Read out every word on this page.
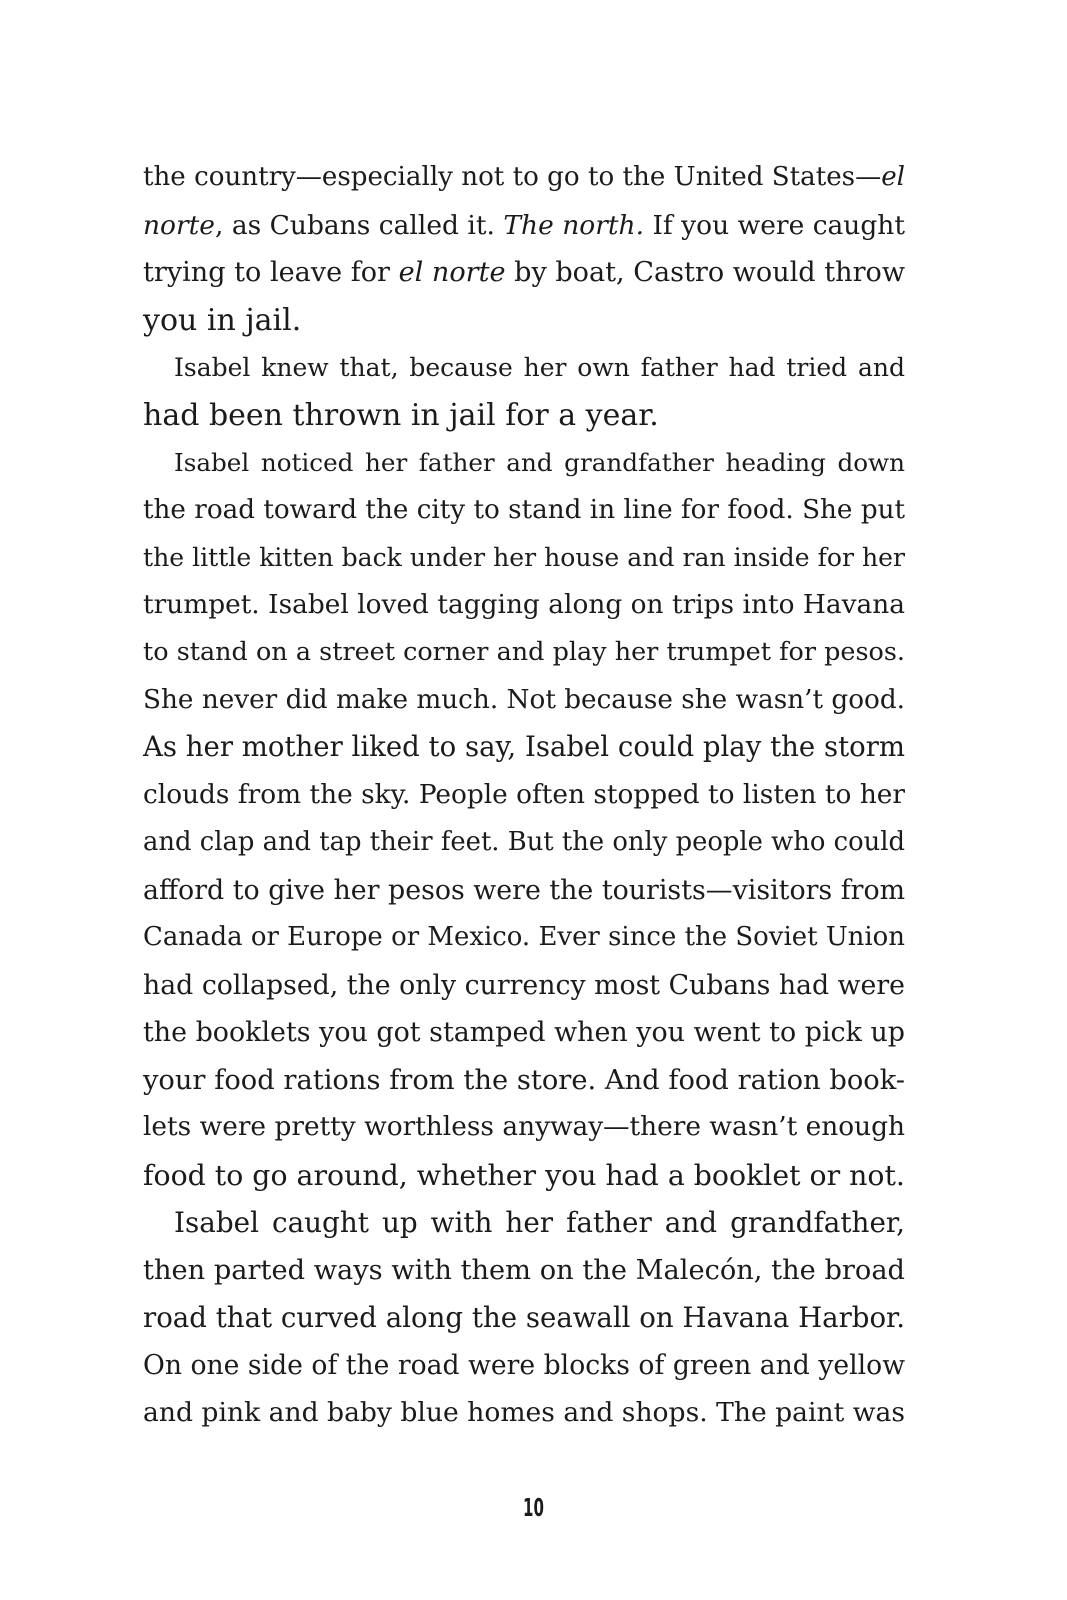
the country—especially not to go to the United States—el
norte, as Cubans called it. The north. If you were caught
trying to leave for el norte by boat, Castro would throw
you in jail.
Isabel knew that, because her own father had tried and
had been thrown in jail for a year.
Isabel noticed her father and grandfather heading down
the road toward the city to stand in line for food. She put
the little kitten back under her house and ran inside for her
trumpet. Isabel loved tagging along on trips into Havana
to stand on a street corner and play her trumpet for pesos.
She never did make much. Not because she wasn’t good.
As her mother liked to say, Isabel could play the storm
clouds from the sky. People often stopped to listen to her
and clap and tap their feet. But the only people who could
afford to give her pesos were the tourists—visitors from
Canada or Europe or Mexico. Ever since the Soviet Union
had collapsed, the only currency most Cubans had were
the booklets you got stamped when you went to pick up
your food rations from the store. And food ration book-
lets were pretty worthless anyway—there wasn’t enough
food to go around, whether you had a booklet or not.
Isabel caught up with her father and grandfather,
then parted ways with them on the Malecón, the broad
road that curved along the seawall on Havana Harbor.
On one side of the road were blocks of green and yellow
and pink and baby blue homes and shops. The paint was
10
